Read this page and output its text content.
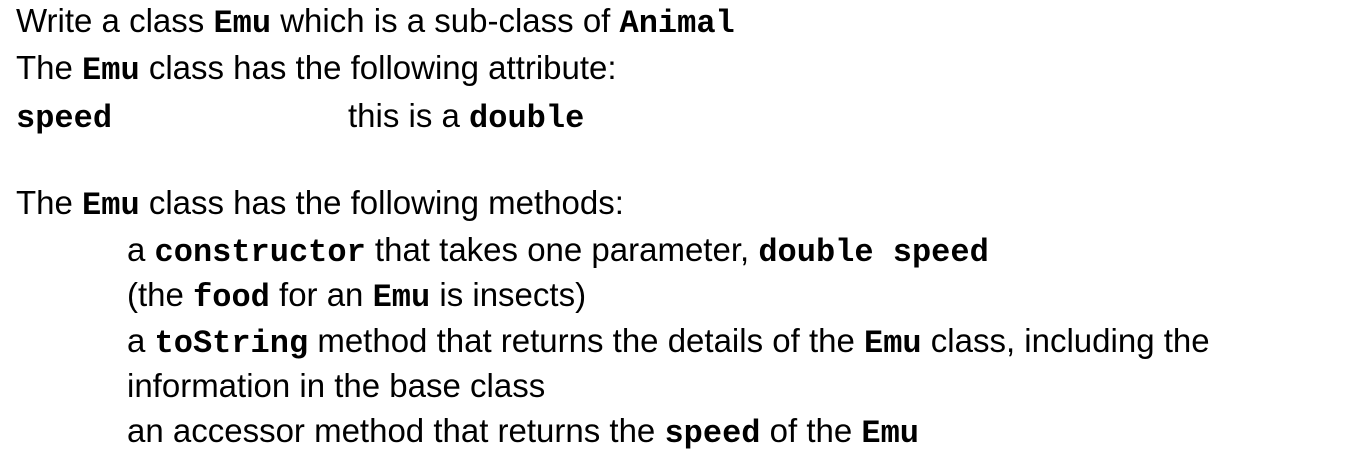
Write a class Emu which is a sub-class of Animal
The Emu class has the following attribute:
speed	this is a double
The Emu class has the following methods:
a constructor that takes one parameter, double speed
(the food for an Emu is insects)
a toString method that returns the details of the Emu class, including the
information in the base class
an accessor method that returns the speed of the Emu
